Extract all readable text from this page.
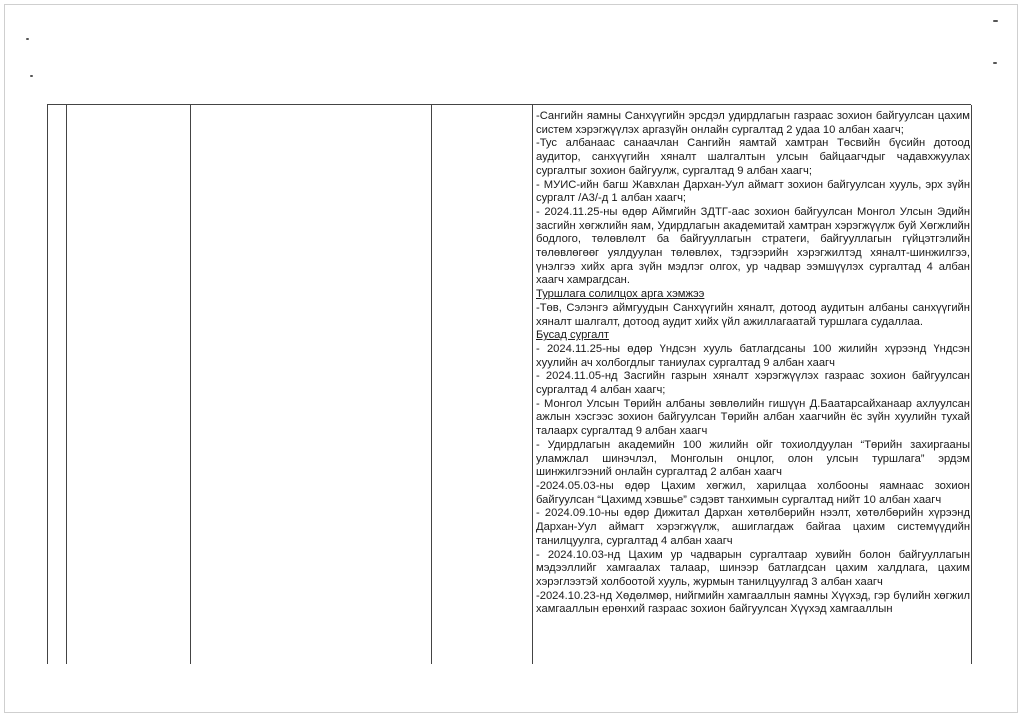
-Сангийн яамны Санхүүгийн эрсдэл удирдлагын газраас зохион байгуулсан цахим систем хэрэгжүүлэх аргазүйн онлайн сургалтад 2 удаа 10 албан хаагч;

-Тус албанаас санаачлан Сангийн яамтай хамтран Төсвийн бүсийн дотоод аудитор, санхүүгийн хяналт шалгалтын улсын байцаагчдыг чадавхжуулах сургалтыг зохион байгуулж, сургалтад 9 албан хаагч;

- МУИС-ийн багш Жавхлан Дархан-Уул аймагт зохион байгуулсан хууль, эрх зүйн сургалт /А3/-д 1 албан хаагч;

- 2024.11.25-ны өдөр Аймгийн ЗДТГ-аас зохион байгуулсан Монгол Улсын Эдийн засгийн хөгжлийн яам, Удирдлагын академитай хамтран хэрэгжүүлж буй Хөгжлийн бодлого, төлөвлөлт ба байгууллагын стратеги, байгууллагын гүйцэтгэлийн төлөвлөгөөг уялдуулан төлөвлөх, тэдгээрийн хэрэгжилтэд хяналт-шинжилгээ, үнэлгээ хийх арга зүйн мэдлэг олгох, ур чадвар ээмшүүлэх сургалтад 4 албан хаагч хамрагдсан.

Туршлага солилцох арга хэмжээ

-Төв, Сэлэнгэ аймгуудын Санхүүгийн хяналт, дотоод аудитын албаны санхүүгийн хяналт шалгалт, дотоод аудит хийх үйл ажиллагаатай туршлага судаллаа.

Бусад сургалт

- 2024.11.25-ны өдөр Үндсэн хууль батлагдсаны 100 жилийн хүрээнд Үндсэн хуулийн ач холбогдлыг таниулах сургалтад 9 албан хаагч

- 2024.11.05-нд Засгийн газрын хяналт хэрэгжүүлэх газраас зохион байгуулсан сургалтад 4 албан хаагч;

- Монгол Улсын Төрийн албаны зөвлөлийн гишүүн Д.Баатарсайханаар ахлуулсан ажлын хэсгээс зохион байгуулсан Төрийн албан хаагчийн ёс зүйн хуулийн тухай талаарх сургалтад 9 албан хаагч

- Удирдлагын академийн 100 жилийн ойг тохиолдуулан “Төрийн захиргааны уламжлал шинэчлэл, Монголын онцлог, олон улсын туршлага” эрдэм шинжилгээний онлайн сургалтад 2 албан хаагч

-2024.05.03-ны өдөр Цахим хөгжил, харилцаа холбооны яамнаас зохион байгуулсан “Цахимд хэвшье” сэдэвт танхимын сургалтад нийт 10 албан хаагч

- 2024.09.10-ны өдөр Дижитал Дархан хөтөлбөрийн нээлт, хөтөлбөрийн хүрээнд Дархан-Уул аймагт хэрэгжүүлж, ашиглагдаж байгаа цахим системүүдийн танилцуулга, сургалтад 4 албан хаагч

- 2024.10.03-нд Цахим ур чадварын сургалтаар хувийн болон байгууллагын мэдээллийг хамгаалах талаар, шинээр батлагдсан цахим халдлага, цахим хэрэглээтэй холбоотой хууль, журмын танилцуулгад 3 албан хаагч

-2024.10.23-нд Хөдөлмөр, нийгмийн хамгааллын яамны Хүүхэд, гэр бүлийн хөгжил хамгааллын ерөнхий газраас зохион байгуулсан Хүүхэд хамгааллын
